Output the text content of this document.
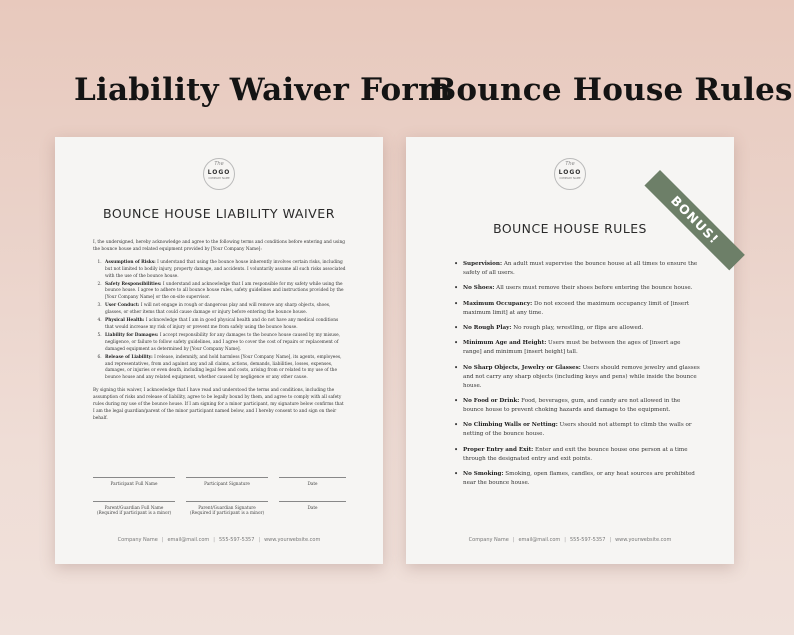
Liability Waiver Form
Bounce House Rules
The
LOGO
COMPANY NAME
BOUNCE HOUSE LIABILITY WAIVER

I, the undersigned, hereby acknowledge and agree to the following terms and conditions before entering and using the bounce house and related equipment provided by [Your Company Name]:

1. Assumption of Risks: I understand that using the bounce house inherently involves certain risks, including but not limited to bodily injury, property damage, and accidents. I voluntarily assume all such risks associated with the use of the bounce house.
2. Safety Responsibilities: I understand and acknowledge that I am responsible for my safety while using the bounce house. I agree to adhere to all bounce house rules, safety guidelines and instructions provided by the [Your Company Name] or the on-site supervisor.
3. User Conduct: I will not engage in rough or dangerous play and will remove any sharp objects, shoes, glasses, or other items that could cause damage or injury before entering the bounce house.
4. Physical Health: I acknowledge that I am in good physical health and do not have any medical conditions that would increase my risk of injury or prevent me from safely using the bounce house.
5. Liability for Damages: I accept responsibility for any damages to the bounce house caused by my misuse, negligence, or failure to follow safety guidelines, and I agree to cover the cost of repairs or replacement of damaged equipment as determined by [Your Company Name].
6. Release of Liability: I release, indemnify, and hold harmless [Your Company Name], its agents, employees, and representatives, from and against any and all claims, actions, demands, liabilities, losses, expenses, damages, or injuries or even death, including legal fees and costs, arising from or related to my use of the bounce house and any related equipment, whether caused by negligence or any other cause.

By signing this waiver, I acknowledge that I have read and understood the terms and conditions, including the assumption of risks and release of liability, agree to be legally bound by them, and agree to comply with all safety rules during my use of the bounce house. If I am signing for a minor participant, my signature below confirms that I am the legal guardian/parent of the minor participant named below, and I hereby consent to and sign on their behalf.

Participant Full Name	Participant Signature	Date
Parent/Guardian Full Name
(Required if participant is a minor)
Parent/Guardian Signature
(Required if participant is a minor)
Date
Company Name | email@mail.com | 555-597-5357 | www.yourwebsite.com
The
LOGO
COMPANY NAME
BOUNCE HOUSE RULES
• Supervision: An adult must supervise the bounce house at all times to ensure the safety of all users.
• No Shoes: All users must remove their shoes before entering the bounce house.
• Maximum Occupancy: Do not exceed the maximum occupancy limit of [insert maximum limit] at any time.
• No Rough Play: No rough play, wrestling, or flips are allowed.
• Minimum Age and Height: Users must be between the ages of [insert age range] and minimum [insert height] tall.
• No Sharp Objects, Jewelry or Glasses: Users should remove jewelry and glasses and not carry any sharp objects (including keys and pens) while inside the bounce house.
• No Food or Drink: Food, beverages, gum, and candy are not allowed in the bounce house to prevent choking hazards and damage to the equipment.
• No Climbing Walls or Netting: Users should not attempt to climb the walls or netting of the bounce house.
• Proper Entry and Exit: Enter and exit the bounce house one person at a time through the designated entry and exit points.
• No Smoking: Smoking, open flames, candles, or any heat sources are prohibited near the bounce house.
Company Name | email@mail.com | 555-597-5357 | www.yourwebsite.com
BONUS!
